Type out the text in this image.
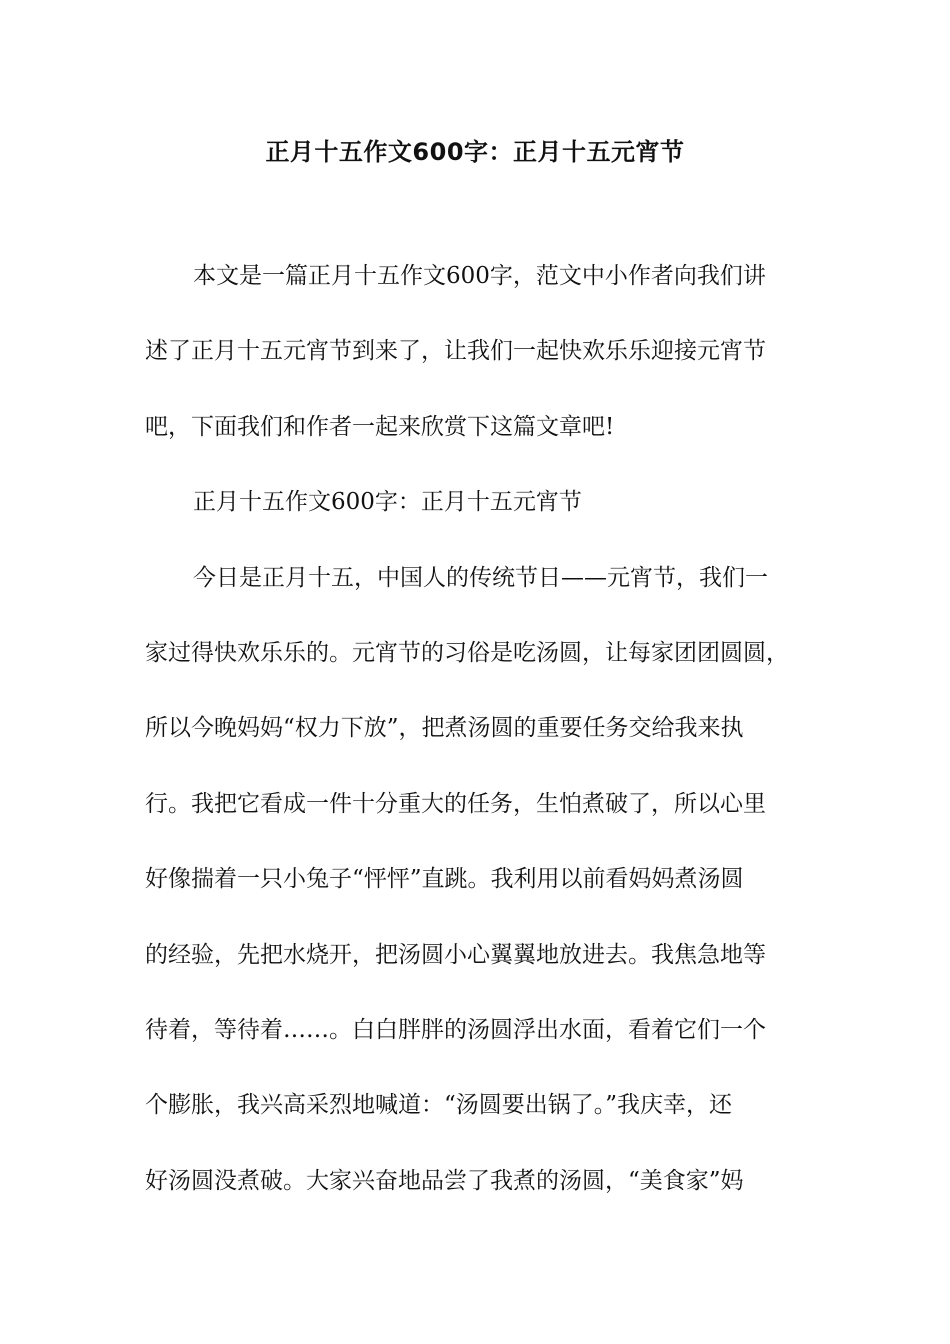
正月十五作文600字：正月十五元宵节
本文是一篇正月十五作文600字，范文中小作者向我们讲
述了正月十五元宵节到来了，让我们一起快欢乐乐迎接元宵节
吧，下面我们和作者一起来欣赏下这篇文章吧!
正月十五作文600字：正月十五元宵节
今日是正月十五，中国人的传统节日——元宵节，我们一
家过得快欢乐乐的。元宵节的习俗是吃汤圆，让每家团团圆圆，
所以今晚妈妈“权力下放”，把煮汤圆的重要任务交给我来执
行。我把它看成一件十分重大的任务，生怕煮破了，所以心里
好像揣着一只小兔子“怦怦”直跳。我利用以前看妈妈煮汤圆
的经验，先把水烧开，把汤圆小心翼翼地放进去。我焦急地等
待着，等待着……。白白胖胖的汤圆浮出水面，看着它们一个
个膨胀，我兴高采烈地喊道：“汤圆要出锅了。”我庆幸，还
好汤圆没煮破。大家兴奋地品尝了我煮的汤圆，“美食家”妈
